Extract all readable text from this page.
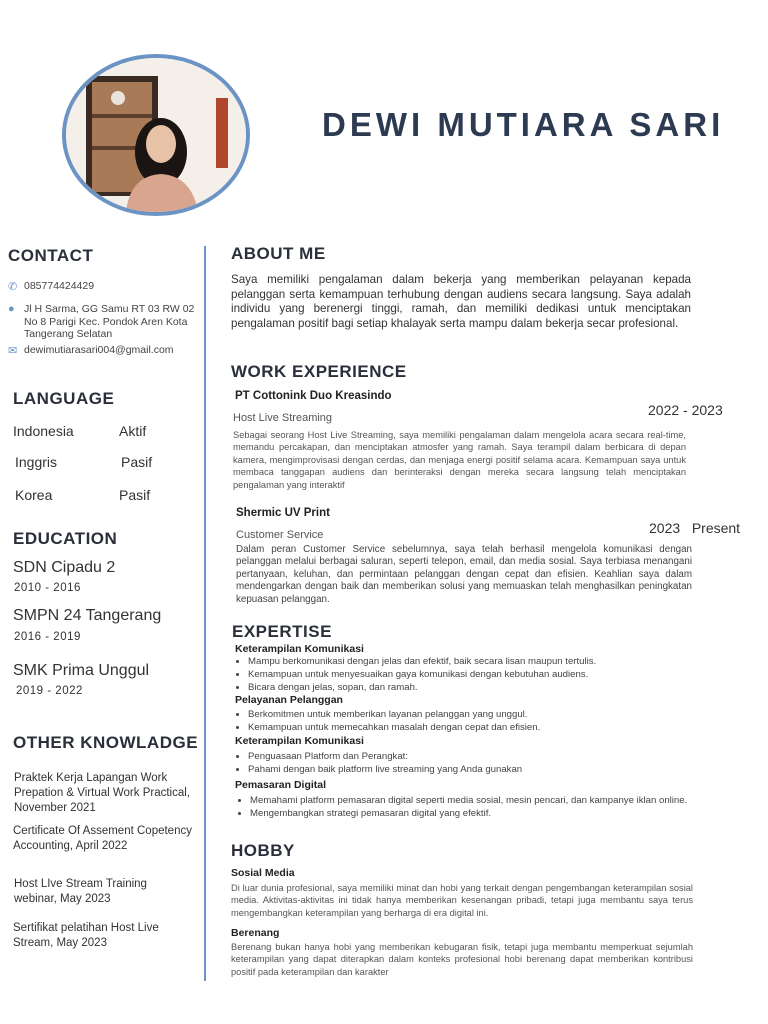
DEWI MUTIARA SARI
CONTACT
✆ 085774424429
● Jl H Sarma, GG Samu RT 03 RW 02 No 8 Parigi Kec. Pondok Aren Kota Tangerang Selatan
✉ dewimutiarasari004@gmail.com
LANGUAGE
Indonesia	Aktif
Inggris	Pasif
Korea	Pasif
EDUCATION
SDN Cipadu 2
2010 - 2016
SMPN 24 Tangerang
2016 - 2019
SMK Prima Unggul
2019 - 2022
OTHER KNOWLADGE
Praktek Kerja Lapangan Work Prepation & Virtual Work Practical, November 2021
Certificate Of Assement Copetency Accounting, April 2022
Host LIve Stream Training webinar, May 2023
Sertifikat pelatihan Host Live Stream, May 2023
ABOUT ME
Saya memiliki pengalaman dalam bekerja yang memberikan pelayanan kepada pelanggan serta kemampuan terhubung dengan audiens secara langsung. Saya adalah individu yang berenergi tinggi, ramah, dan memiliki dedikasi untuk menciptakan pengalaman positif bagi setiap khalayak serta mampu dalam bekerja secar profesional.
WORK EXPERIENCE
PT Cottonink Duo Kreasindo
2022 - 2023
Host Live Streaming
Sebagai seorang Host Live Streaming, saya memiliki pengalaman dalam mengelola acara secara real-time, memandu percakapan, dan menciptakan atmosfer yang ramah. Saya terampil dalam berbicara di depan kamera, mengimprovisasi dengan cerdas, dan menjaga energi positif selama acara. Kemampuan saya untuk membaca tanggapan audiens dan berinteraksi dengan mereka secara langsung telah menciptakan pengalaman yang interaktif
Shermic UV Print
2023   Present
Customer Service
Dalam peran Customer Service sebelumnya, saya telah berhasil mengelola komunikasi dengan pelanggan melalui berbagai saluran, seperti telepon, email, dan media sosial. Saya terbiasa menangani pertanyaan, keluhan, dan permintaan pelanggan dengan cepat dan efisien. Keahlian saya dalam mendengarkan dengan baik dan memberikan solusi yang memuaskan telah menghasilkan peningkatan kepuasan pelanggan.
EXPERTISE
Keterampilan Komunikasi
• Mampu berkomunikasi dengan jelas dan efektif, baik secara lisan maupun tertulis.
• Kemampuan untuk menyesuaikan gaya komunikasi dengan kebutuhan audiens.
• Bicara dengan jelas, sopan, dan ramah.
Pelayanan Pelanggan
• Berkomitmen untuk memberikan layanan pelanggan yang unggul.
• Kemampuan untuk memecahkan masalah dengan cepat dan efisien.
Keterampilan Komunikasi
• Penguasaan Platform dan Perangkat:
• Pahami dengan baik platform live streaming yang Anda gunakan
Pemasaran Digital
• Memahami platform pemasaran digital seperti media sosial, mesin pencari, dan kampanye iklan online.
• Mengembangkan strategi pemasaran digital yang efektif.
HOBBY
Sosial Media
Di luar dunia profesional, saya memiliki minat dan hobi yang terkait dengan pengembangan keterampilan sosial media. Aktivitas-aktivitas ini tidak hanya memberikan kesenangan pribadi, tetapi juga membantu saya terus mengembangkan keterampilan yang berharga di era digital ini.
Berenang
Berenang bukan hanya hobi yang memberikan kebugaran fisik, tetapi juga membantu memperkuat sejumlah keterampilan yang dapat diterapkan dalam konteks profesional hobi berenang dapat memberikan kontribusi positif pada keterampilan dan karakter
